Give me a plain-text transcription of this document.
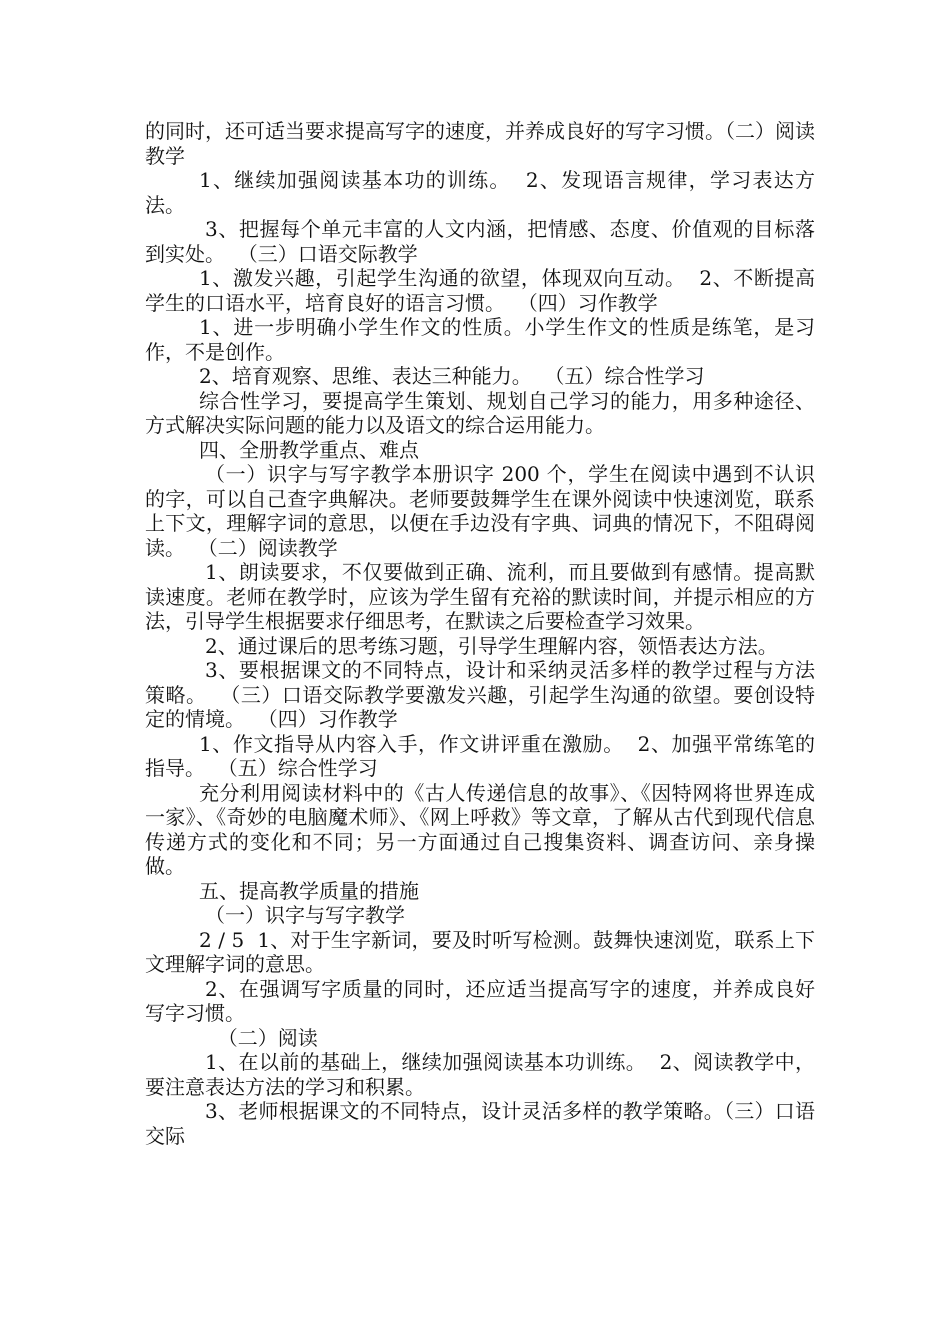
的同时，还可适当要求提高写字的速度，并养成良好的写字习惯。（二）阅读教学

1、继续加强阅读基本功的训练。  2、发现语言规律，学习表达方法。

3、把握每个单元丰富的人文内涵，把情感、态度、价值观的目标落到实处。  （三）口语交际教学

1、激发兴趣，引起学生沟通的欲望，体现双向互动。  2、不断提高学生的口语水平，培育良好的语言习惯。  （四）习作教学

1、进一步明确小学生作文的性质。小学生作文的性质是练笔，是习作，不是创作。

2、培育观察、思维、表达三种能力。  （五）综合性学习

综合性学习，要提高学生策划、规划自己学习的能力，用多种途径、方式解决实际问题的能力以及语文的综合运用能力。

四、全册教学重点、难点

（一）识字与写字教学本册识字 200 个，学生在阅读中遇到不认识的字，可以自己查字典解决。老师要鼓舞学生在课外阅读中快速浏览，联系上下文，理解字词的意思，以便在手边没有字典、词典的情况下，不阻碍阅读。  （二）阅读教学

1、朗读要求，不仅要做到正确、流利，而且要做到有感情。提高默读速度。老师在教学时，应该为学生留有充裕的默读时间，并提示相应的方法，引导学生根据要求仔细思考，在默读之后要检查学习效果。

2、通过课后的思考练习题，引导学生理解内容，领悟表达方法。

3、要根据课文的不同特点，设计和采纳灵活多样的教学过程与方法策略。  （三）口语交际教学要激发兴趣，引起学生沟通的欲望。要创设特定的情境。  （四）习作教学

1、作文指导从内容入手，作文讲评重在激励。  2、加强平常练笔的指导。  （五）综合性学习

充分利用阅读材料中的《古人传递信息的故事》、《因特网将世界连成一家》、《奇妙的电脑魔术师》、《网上呼救》等文章，了解从古代到现代信息传递方式的变化和不同；另一方面通过自己搜集资料、调查访问、亲身操做。

五、提高教学质量的措施

（一）识字与写字教学

2 / 5  1、对于生字新词，要及时听写检测。鼓舞快速浏览，联系上下文理解字词的意思。

2、在强调写字质量的同时，还应适当提高写字的速度，并养成良好写字习惯。

（二）阅读

1、在以前的基础上，继续加强阅读基本功训练。  2、阅读教学中，要注意表达方法的学习和积累。

3、老师根据课文的不同特点，设计灵活多样的教学策略。（三）口语交际
